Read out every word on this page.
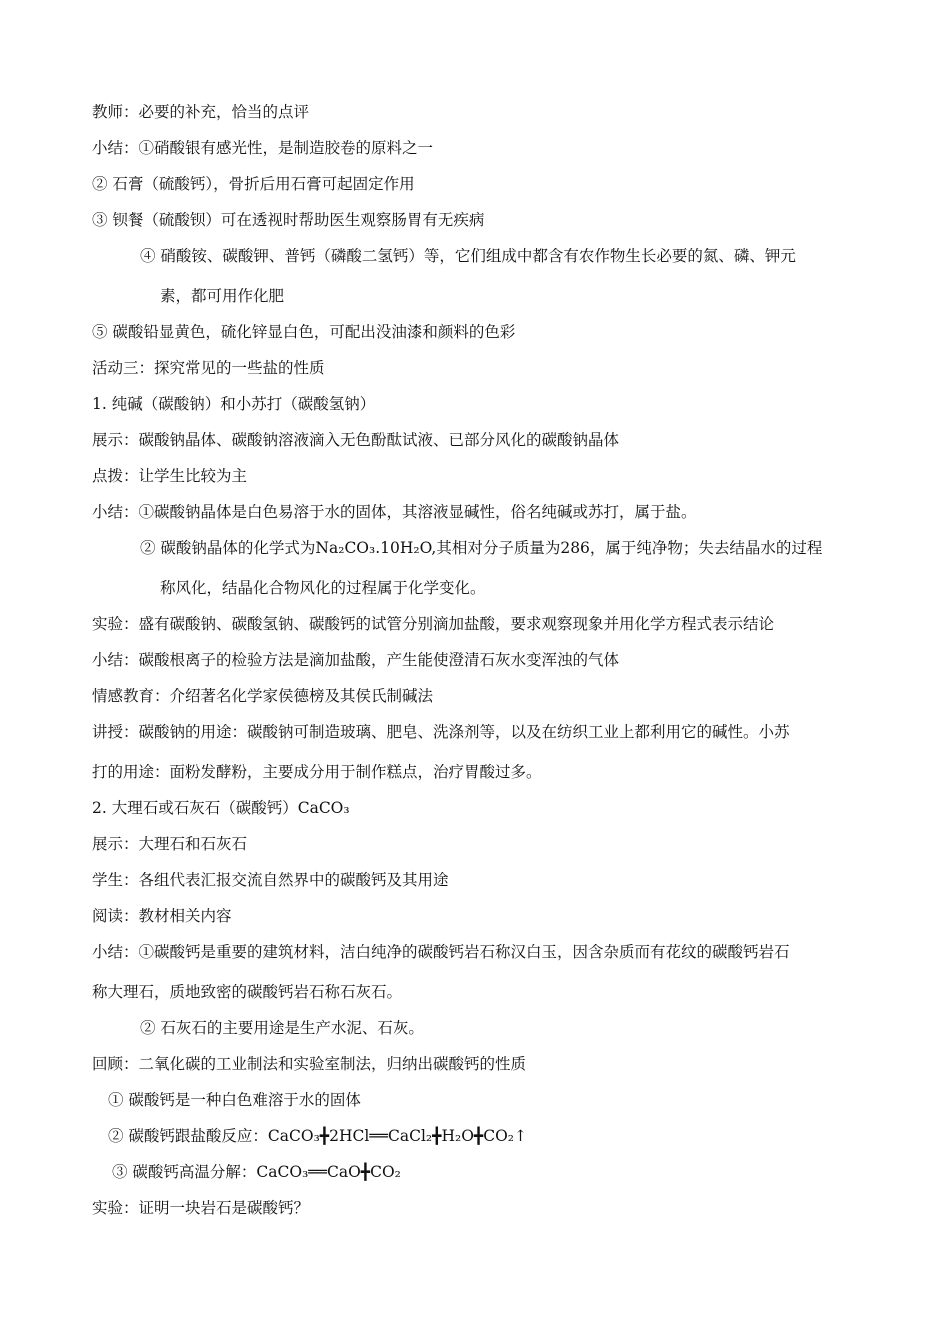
教师：必要的补充，恰当的点评
小结：①硝酸银有感光性，是制造胶卷的原料之一
② 石膏（硫酸钙），骨折后用石膏可起固定作用
③ 钡餐（硫酸钡）可在透视时帮助医生观察肠胃有无疾病
④ 硝酸铵、碳酸钾、普钙（磷酸二氢钙）等，它们组成中都含有农作物生长必要的氮、磷、钾元
素，都可用作化肥
⑤ 碳酸铅显黄色，硫化锌显白色，可配出没油漆和颜料的色彩
活动三：探究常见的一些盐的性质
1. 纯碱（碳酸钠）和小苏打（碳酸氢钠）
展示：碳酸钠晶体、碳酸钠溶液滴入无色酚酞试液、已部分风化的碳酸钠晶体
点拨：让学生比较为主
小结：①碳酸钠晶体是白色易溶于水的固体，其溶液显碱性，俗名纯碱或苏打，属于盐。
② 碳酸钠晶体的化学式为Na₂CO₃.10H₂O,其相对分子质量为286，属于纯净物；失去结晶水的过程
称风化，结晶化合物风化的过程属于化学变化。
实验：盛有碳酸钠、碳酸氢钠、碳酸钙的试管分别滴加盐酸，要求观察现象并用化学方程式表示结论
小结：碳酸根离子的检验方法是滴加盐酸，产生能使澄清石灰水变浑浊的气体
情感教育：介绍著名化学家侯德榜及其侯氏制碱法
讲授：碳酸钠的用途：碳酸钠可制造玻璃、肥皂、洗涤剂等，以及在纺织工业上都利用它的碱性。小苏
打的用途：面粉发酵粉，主要成分用于制作糕点，治疗胃酸过多。
2. 大理石或石灰石（碳酸钙）CaCO₃
展示：大理石和石灰石
学生：各组代表汇报交流自然界中的碳酸钙及其用途
阅读：教材相关内容
小结：①碳酸钙是重要的建筑材料，洁白纯净的碳酸钙岩石称汉白玉，因含杂质而有花纹的碳酸钙岩石
称大理石，质地致密的碳酸钙岩石称石灰石。
② 石灰石的主要用途是生产水泥、石灰。
回顾：二氧化碳的工业制法和实验室制法，归纳出碳酸钙的性质
① 碳酸钙是一种白色难溶于水的固体
② 碳酸钙跟盐酸反应：CaCO₃╋2HCl══CaCl₂╋H₂O╋CO₂↑
③ 碳酸钙高温分解：CaCO₃══CaO╋CO₂
实验：证明一块岩石是碳酸钙？
